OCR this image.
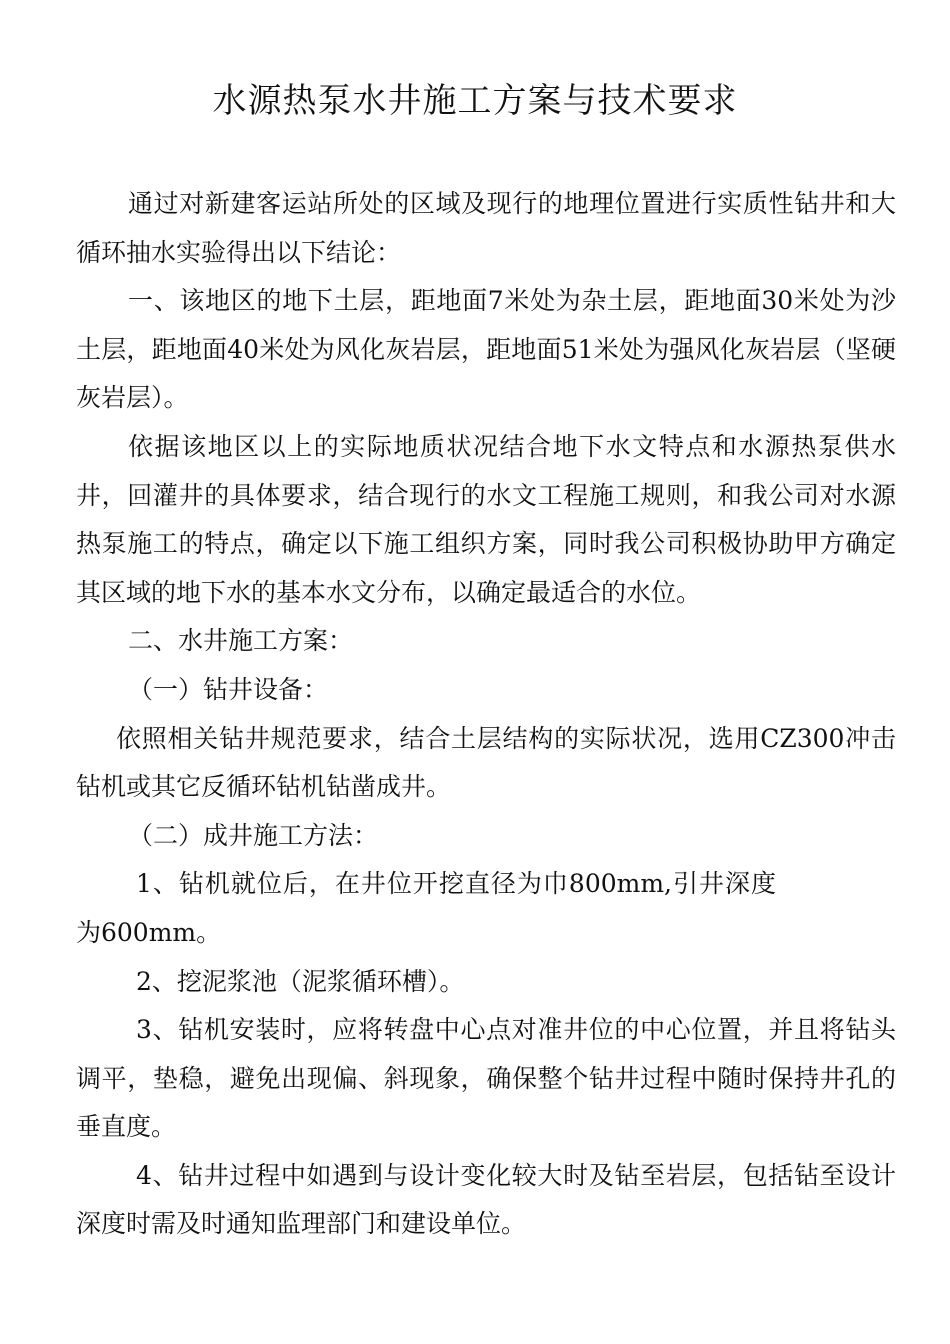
水源热泵水井施工方案与技术要求

通过对新建客运站所处的区域及现行的地理位置进行实质性钻井和大循环抽水实验得出以下结论：

一、该地区的地下土层，距地面7米处为杂土层，距地面30米处为沙土层，距地面40米处为风化灰岩层，距地面51米处为强风化灰岩层（坚硬灰岩层）。

依据该地区以上的实际地质状况结合地下水文特点和水源热泵供水井，回灌井的具体要求，结合现行的水文工程施工规则，和我公司对水源热泵施工的特点，确定以下施工组织方案，同时我公司积极协助甲方确定其区域的地下水的基本水文分布，以确定最适合的水位。

二、水井施工方案：

（一）钻井设备：

依照相关钻井规范要求，结合土层结构的实际状况，选用CZ300冲击钻机或其它反循环钻机钻凿成井。

（二）成井施工方法：

1、钻机就位后，在井位开挖直径为巾800mm,引井深度为600mm。

2、挖泥浆池（泥浆循环槽）。

3、钻机安装时，应将转盘中心点对准井位的中心位置，并且将钻头调平，垫稳，避免出现偏、斜现象，确保整个钻井过程中随时保持井孔的垂直度。

4、钻井过程中如遇到与设计变化较大时及钻至岩层，包括钻至设计深度时需及时通知监理部门和建设单位。
